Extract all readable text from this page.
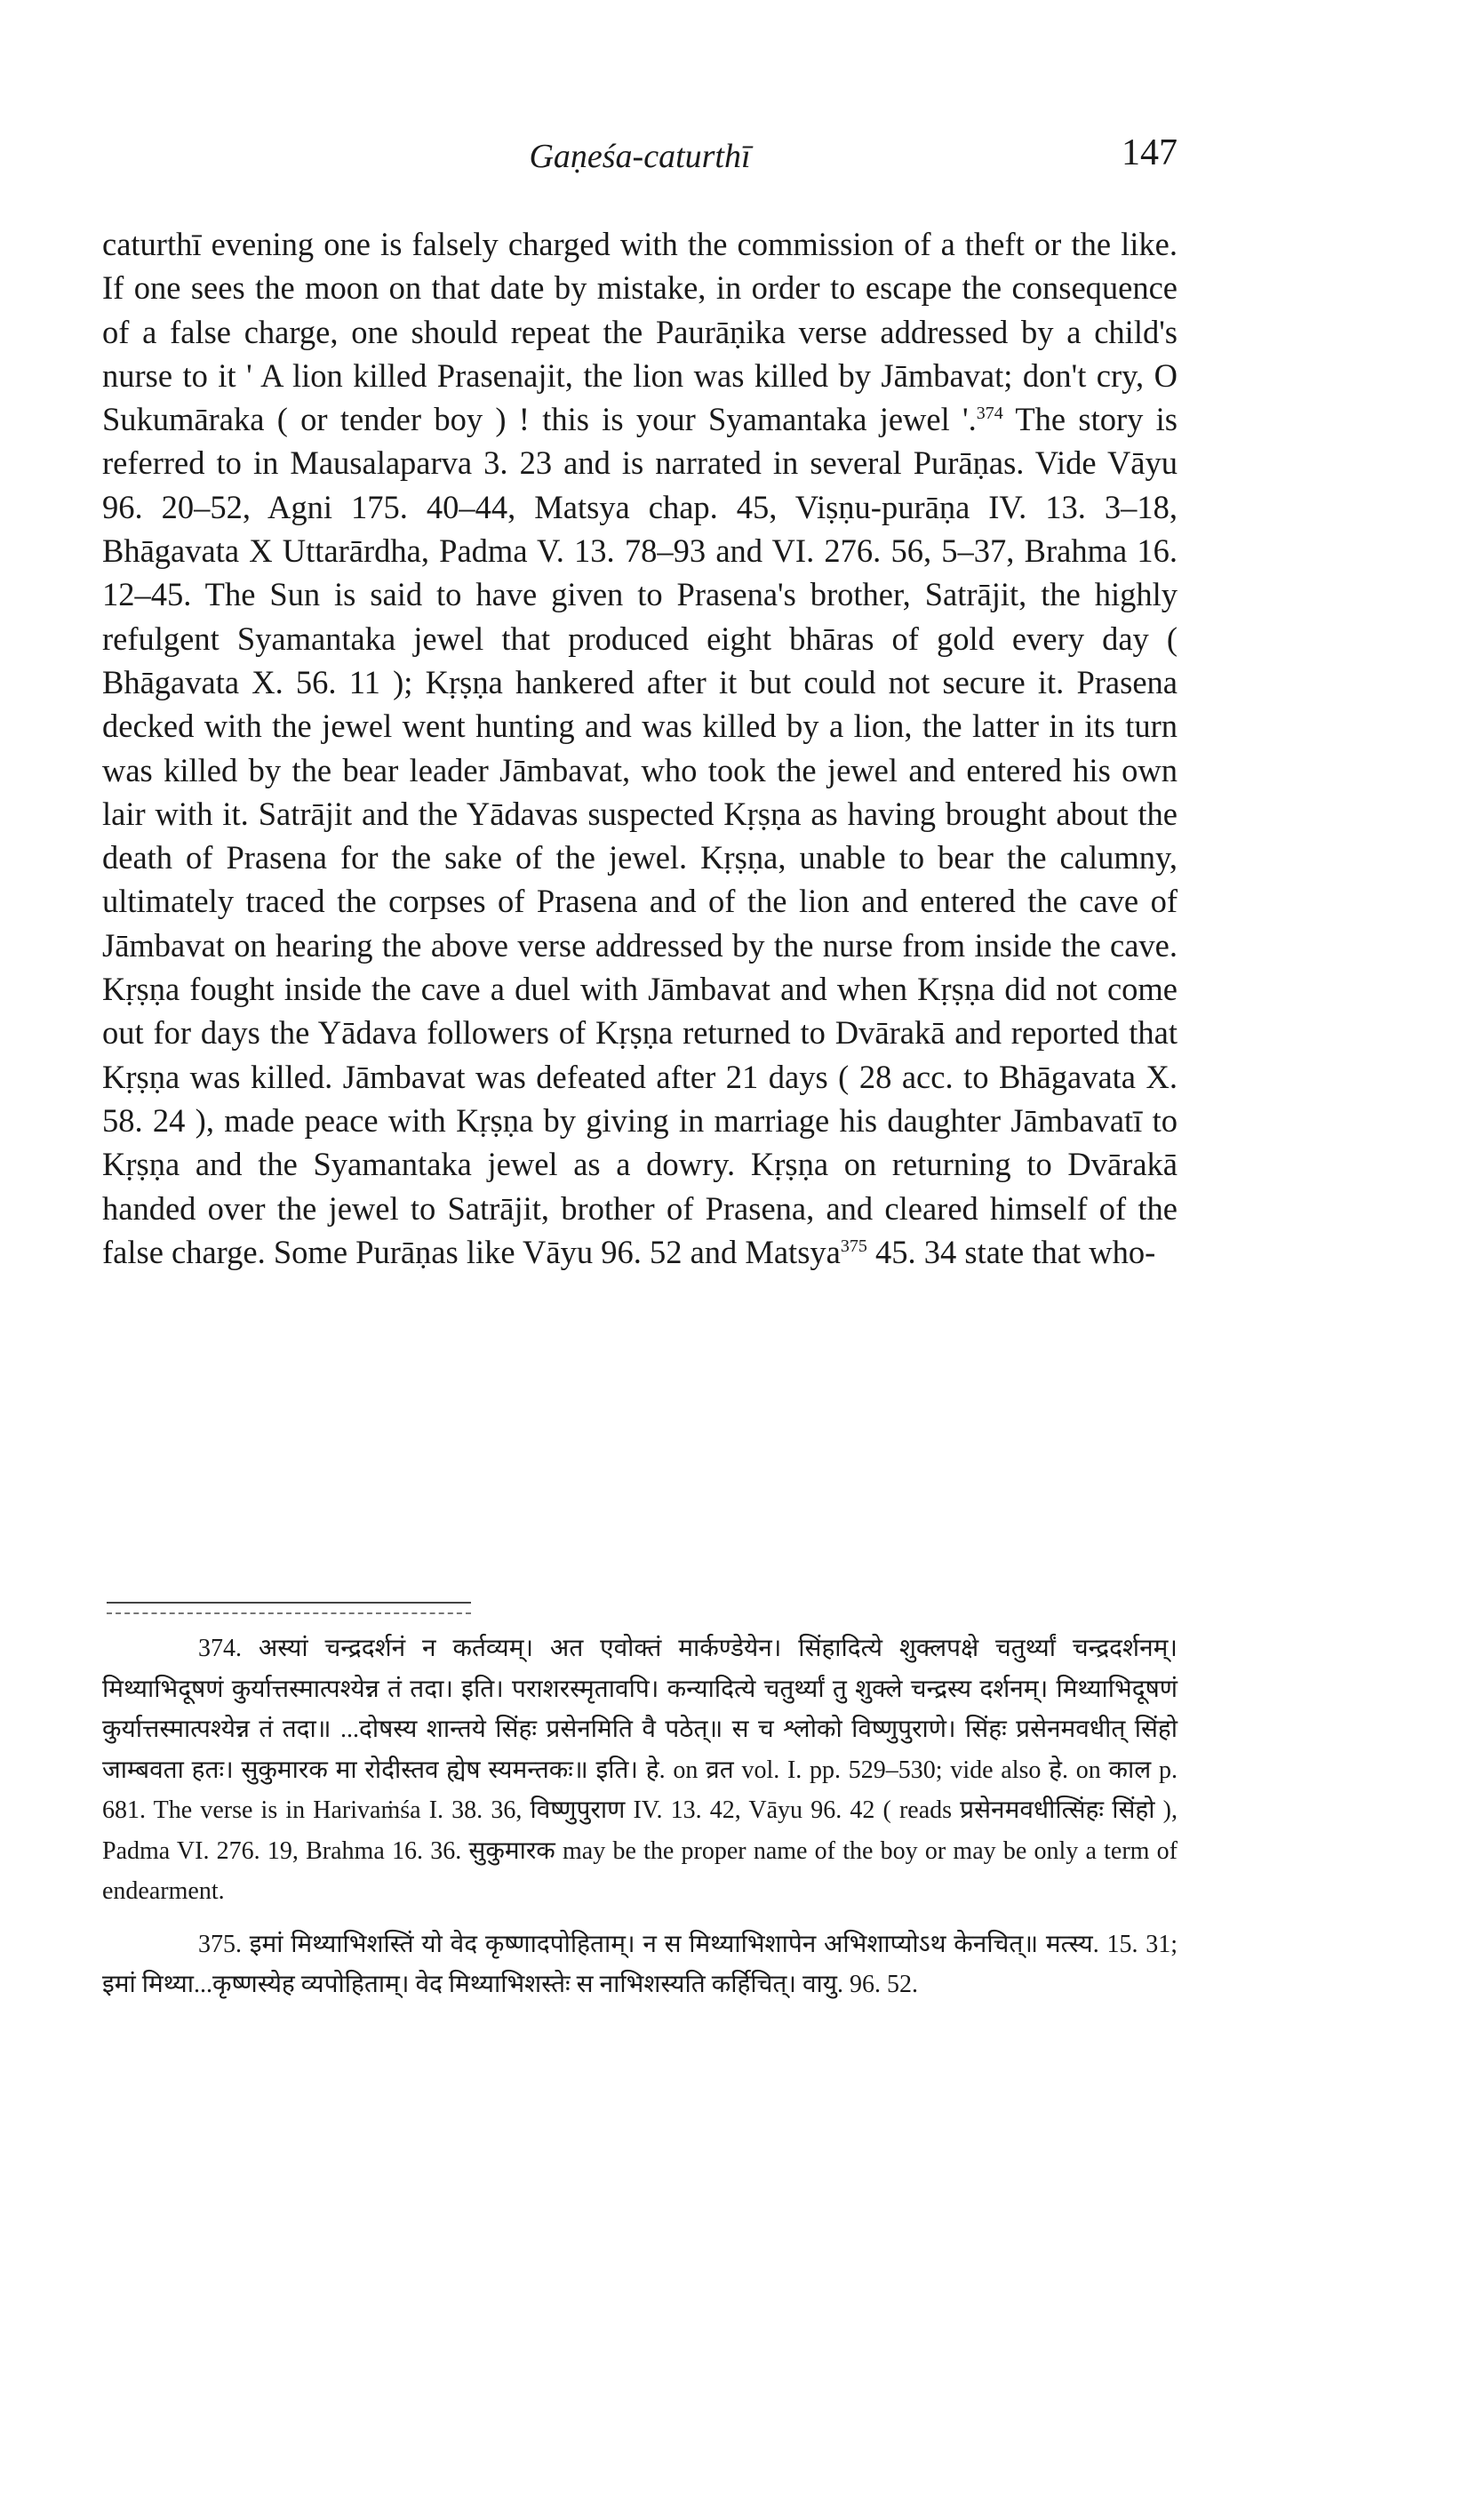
Gaṇeśa-caturthī	147
caturthī evening one is falsely charged with the commission of a theft or the like. If one sees the moon on that date by mistake, in order to escape the consequence of a false charge, one should repeat the Paurāṇika verse addressed by a child's nurse to it ' A lion killed Prasenajit, the lion was killed by Jāmbavat; don't cry, O Sukumāraka ( or tender boy ) ! this is your Syamantaka jewel '.$^{374}$ The story is referred to in Mausalaparva 3. 23 and is narrated in several Purāṇas. Vide Vāyu 96. 20–52, Agni 175. 40–44, Matsya chap. 45, Viṣṇu-purāṇa IV. 13. 3–18, Bhāgavata X Uttarārdha, Padma V. 13. 78–93 and VI. 276. 56, 5–37, Brahma 16. 12–45. The Sun is said to have given to Prasena's brother, Satrājit, the highly refulgent Syamantaka jewel that produced eight bhāras of gold every day ( Bhāgavata X. 56. 11 ); Kṛṣṇa hankered after it but could not secure it. Prasena decked with the jewel went hunting and was killed by a lion, the latter in its turn was killed by the bear leader Jāmbavat, who took the jewel and entered his own lair with it. Satrājit and the Yādavas suspected Kṛṣṇa as having brought about the death of Prasena for the sake of the jewel. Kṛṣṇa, unable to bear the calumny, ultimately traced the corpses of Prasena and of the lion and entered the cave of Jāmbavat on hearing the above verse addressed by the nurse from inside the cave. Kṛṣṇa fought inside the cave a duel with Jāmbavat and when Kṛṣṇa did not come out for days the Yādava followers of Kṛṣṇa returned to Dvārakā and reported that Kṛṣṇa was killed. Jāmbavat was defeated after 21 days ( 28 acc. to Bhāgavata X. 58. 24 ), made peace with Kṛṣṇa by giving in marriage his daughter Jāmbavatī to Kṛṣṇa and the Syamantaka jewel as a dowry. Kṛṣṇa on returning to Dvārakā handed over the jewel to Satrājit, brother of Prasena, and cleared himself of the false charge. Some Purāṇas like Vāyu 96. 52 and Matsya$^{375}$ 45. 34 state that who-

374. अस्यां चन्द्रदर्शनं न कर्तव्यम्। अत एवोक्तं मार्कण्डेयेन। सिंहादित्ये शुक्लपक्षे चतुर्थ्यां चन्द्रदर्शनम्। मिथ्याभिदूषणं कुर्यात्तस्मात्पश्येन्न तं तदा। इति। पराशरस्मृतावपि। कन्यादित्ये चतुर्थ्यां तु शुक्ले चन्द्रस्य दर्शनम्। मिथ्याभिदूषणं कुर्यात्तस्मात्पश्येन्न तं तदा॥ ...दोषस्य शान्तये सिंहः प्रसेनमिति वै पठेत्॥ स च श्लोको विष्णुपुराणे। सिंहः प्रसेनमवधीत् सिंहो जाम्बवता हतः। सुकुमारक मा रोदीस्तव ह्येष स्यमन्तकः॥ इति। हे. on व्रत vol. I. pp. 529–530; vide also हे. on काल p. 681. The verse is in Harivaṁśa I. 38. 36, विष्णुपुराण IV. 13. 42, Vāyu 96. 42 ( reads प्रसेनमवधीत्सिंहः सिंहो ), Padma VI. 276. 19, Brahma 16. 36. सुकुमारक may be the proper name of the boy or may be only a term of endearment.

375. इमां मिथ्याभिशस्तिं यो वेद कृष्णादपोहिताम्। न स मिथ्याभिशापेन अभिशाप्योऽथ केनचित्॥ मत्स्य. 15. 31; इमां मिथ्या...कृष्णस्येह व्यपोहिताम्। वेद मिथ्याभिशस्तेः स नाभिशस्यति कर्हिचित्। वायु. 96. 52.
